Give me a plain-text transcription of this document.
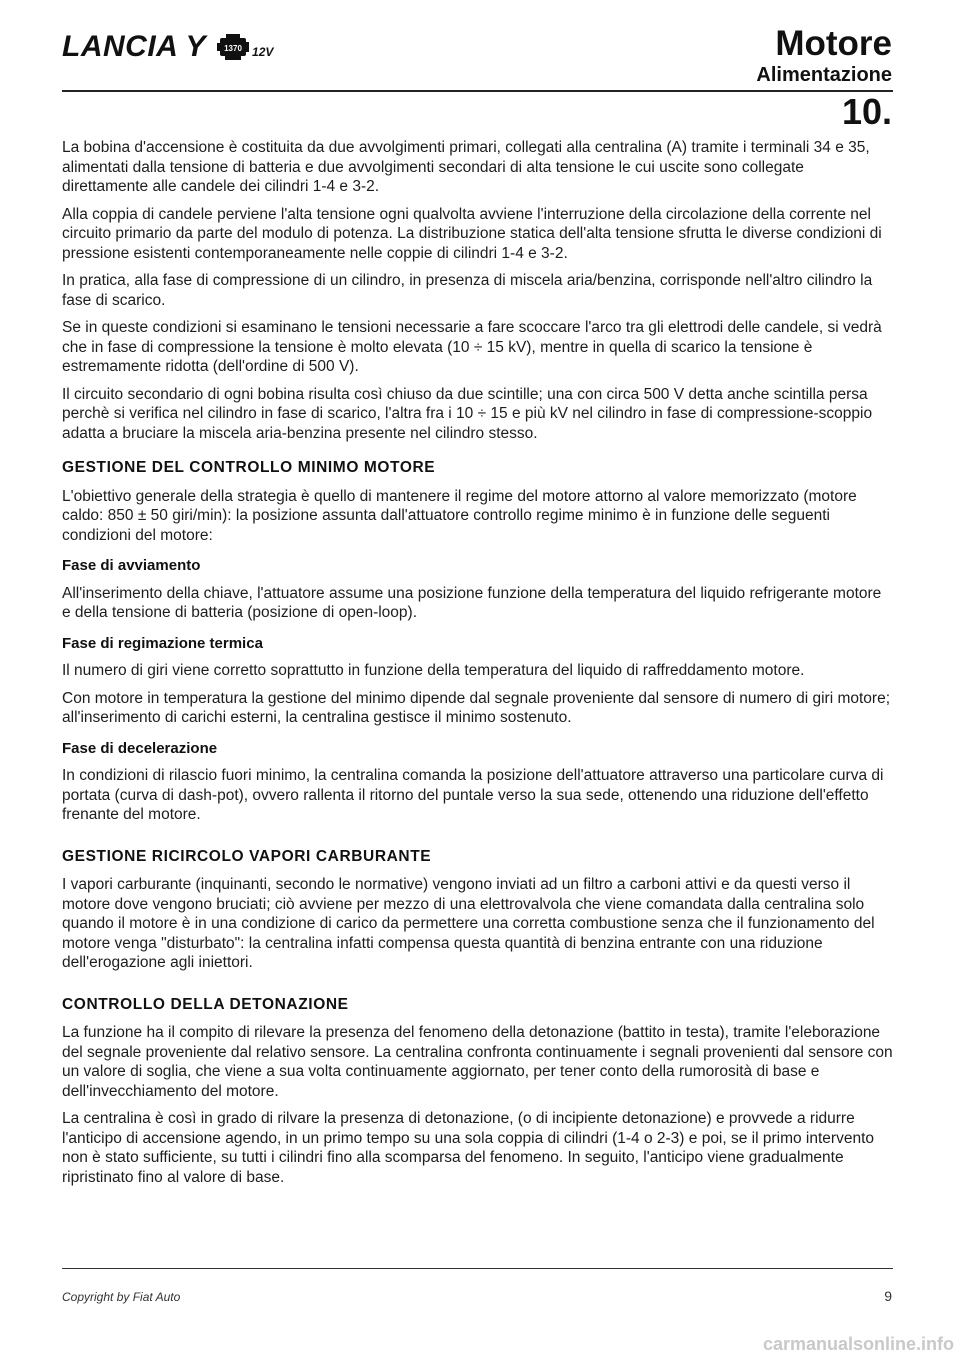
LANCIA Y 1370 12V	Motore
Alimentazione
10.

La bobina d'accensione è costituita da due avvolgimenti primari, collegati alla centralina (A) tramite i terminali 34 e 35, alimentati dalla tensione di batteria e due avvolgimenti secondari di alta tensione le cui uscite sono collegate direttamente alle candele dei cilindri 1-4 e 3-2.

Alla coppia di candele perviene l'alta tensione ogni qualvolta avviene l'interruzione della circolazione della corrente nel circuito primario da parte del modulo di potenza. La distribuzione statica dell'alta tensione sfrutta le diverse condizioni di pressione esistenti contemporaneamente nelle coppie di cilindri 1-4 e 3-2.

In pratica, alla fase di compressione di un cilindro, in presenza di miscela aria/benzina, corrisponde nell'altro cilindro la fase di scarico.

Se in queste condizioni si esaminano le tensioni necessarie a fare scoccare l'arco tra gli elettrodi delle candele, si vedrà che in fase di compressione la tensione è molto elevata (10 ÷ 15 kV), mentre in quella di scarico la tensione è estremamente ridotta (dell'ordine di 500 V).

Il circuito secondario di ogni bobina risulta così chiuso da due scintille; una con circa 500 V detta anche scintilla persa perchè si verifica nel cilindro in fase di scarico, l'altra fra i 10 ÷ 15 e più kV nel cilindro in fase di compressione-scoppio adatta a bruciare la miscela aria-benzina presente nel cilindro stesso.

GESTIONE DEL CONTROLLO MINIMO MOTORE

L'obiettivo generale della strategia è quello di mantenere il regime del motore attorno al valore memorizzato (motore caldo: 850 ± 50 giri/min): la posizione assunta dall'attuatore controllo regime minimo è in funzione delle seguenti condizioni del motore:

Fase di avviamento

All'inserimento della chiave, l'attuatore assume una posizione funzione della temperatura del liquido refrigerante motore e della tensione di batteria (posizione di open-loop).

Fase di regimazione termica

Il numero di giri viene corretto soprattutto in funzione della temperatura del liquido di raffreddamento motore.

Con motore in temperatura la gestione del minimo dipende dal segnale proveniente dal sensore di numero di giri motore; all'inserimento di carichi esterni, la centralina gestisce il minimo sostenuto.

Fase di decelerazione

In condizioni di rilascio fuori minimo, la centralina comanda la posizione dell'attuatore attraverso una particolare curva di portata (curva di dash-pot), ovvero rallenta il ritorno del puntale verso la sua sede, ottenendo una riduzione dell'effetto frenante del motore.

GESTIONE RICIRCOLO VAPORI CARBURANTE

I vapori carburante (inquinanti, secondo le normative) vengono inviati ad un filtro a carboni attivi e da questi verso il motore dove vengono bruciati; ciò avviene per mezzo di una elettrovalvola che viene comandata dalla centralina solo quando il motore è in una condizione di carico da permettere una corretta combustione senza che il funzionamento del motore venga "disturbato": la centralina infatti compensa questa quantità di benzina entrante con una riduzione dell'erogazione agli iniettori.

CONTROLLO DELLA DETONAZIONE

La funzione ha il compito di rilevare la presenza del fenomeno della detonazione (battito in testa), tramite l'eleborazione del segnale proveniente dal relativo sensore. La centralina confronta continuamente i segnali provenienti dal sensore con un valore di soglia, che viene a sua volta continuamente aggiornato, per tener conto della rumorosità di base e dell'invecchiamento del motore.

La centralina è così in grado di rilvare la presenza di detonazione, (o di incipiente detonazione) e provvede a ridurre l'anticipo di accensione agendo, in un primo tempo su una sola coppia di cilindri (1-4 o 2-3) e poi, se il primo intervento non è stato sufficiente, su tutti i cilindri fino alla scomparsa del fenomeno. In seguito, l'anticipo viene gradualmente ripristinato fino al valore di base.

Copyright by Fiat Auto	9
carmanualsonline.info
